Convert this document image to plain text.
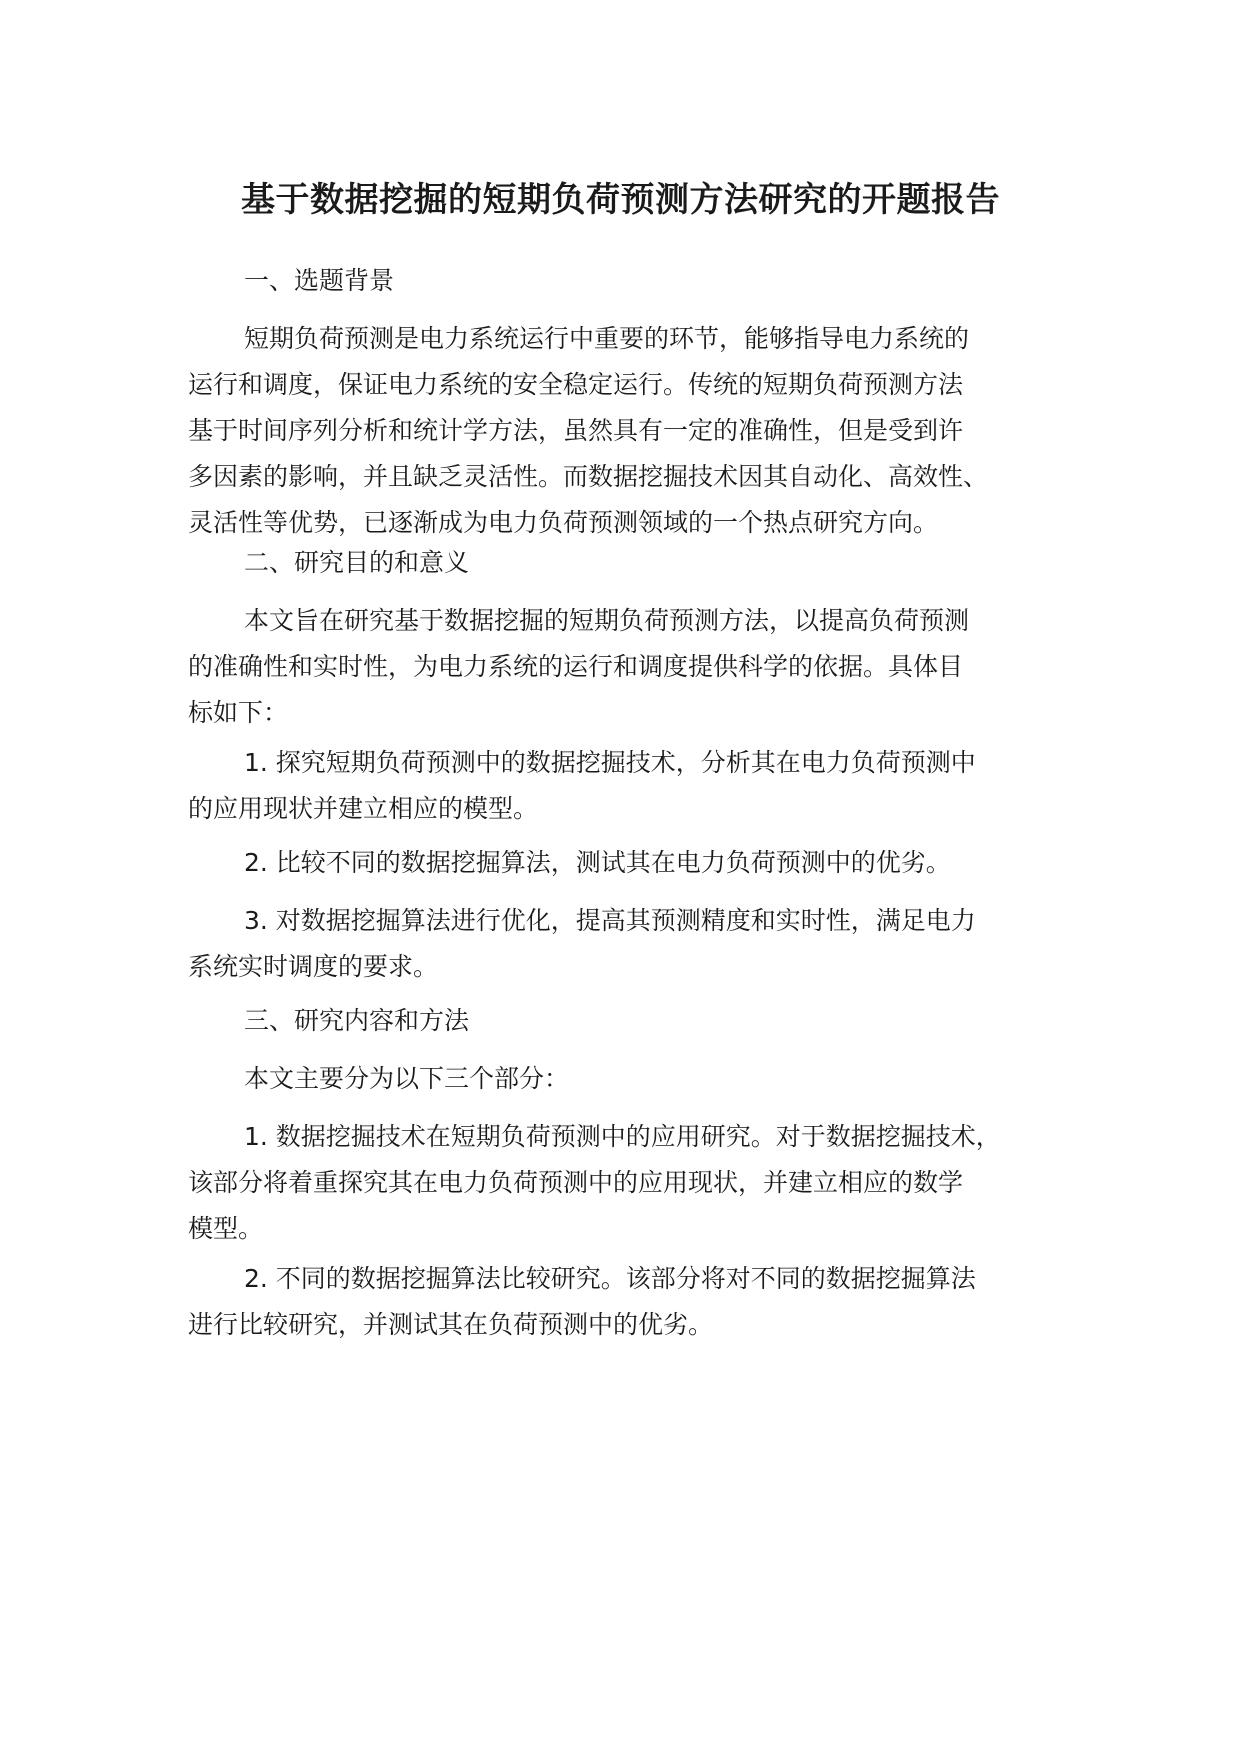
基于数据挖掘的短期负荷预测方法研究的开题报告
一、选题背景
短期负荷预测是电力系统运行中重要的环节，能够指导电力系统的
运行和调度，保证电力系统的安全稳定运行。传统的短期负荷预测方法
基于时间序列分析和统计学方法，虽然具有一定的准确性，但是受到许
多因素的影响，并且缺乏灵活性。而数据挖掘技术因其自动化、高效性、
灵活性等优势，已逐渐成为电力负荷预测领域的一个热点研究方向。
二、研究目的和意义
本文旨在研究基于数据挖掘的短期负荷预测方法，以提高负荷预测
的准确性和实时性，为电力系统的运行和调度提供科学的依据。具体目
标如下：
1. 探究短期负荷预测中的数据挖掘技术，分析其在电力负荷预测中
的应用现状并建立相应的模型。
2. 比较不同的数据挖掘算法，测试其在电力负荷预测中的优劣。
3. 对数据挖掘算法进行优化，提高其预测精度和实时性，满足电力
系统实时调度的要求。
三、研究内容和方法
本文主要分为以下三个部分：
1. 数据挖掘技术在短期负荷预测中的应用研究。对于数据挖掘技术，
该部分将着重探究其在电力负荷预测中的应用现状，并建立相应的数学
模型。
2. 不同的数据挖掘算法比较研究。该部分将对不同的数据挖掘算法
进行比较研究，并测试其在负荷预测中的优劣。
